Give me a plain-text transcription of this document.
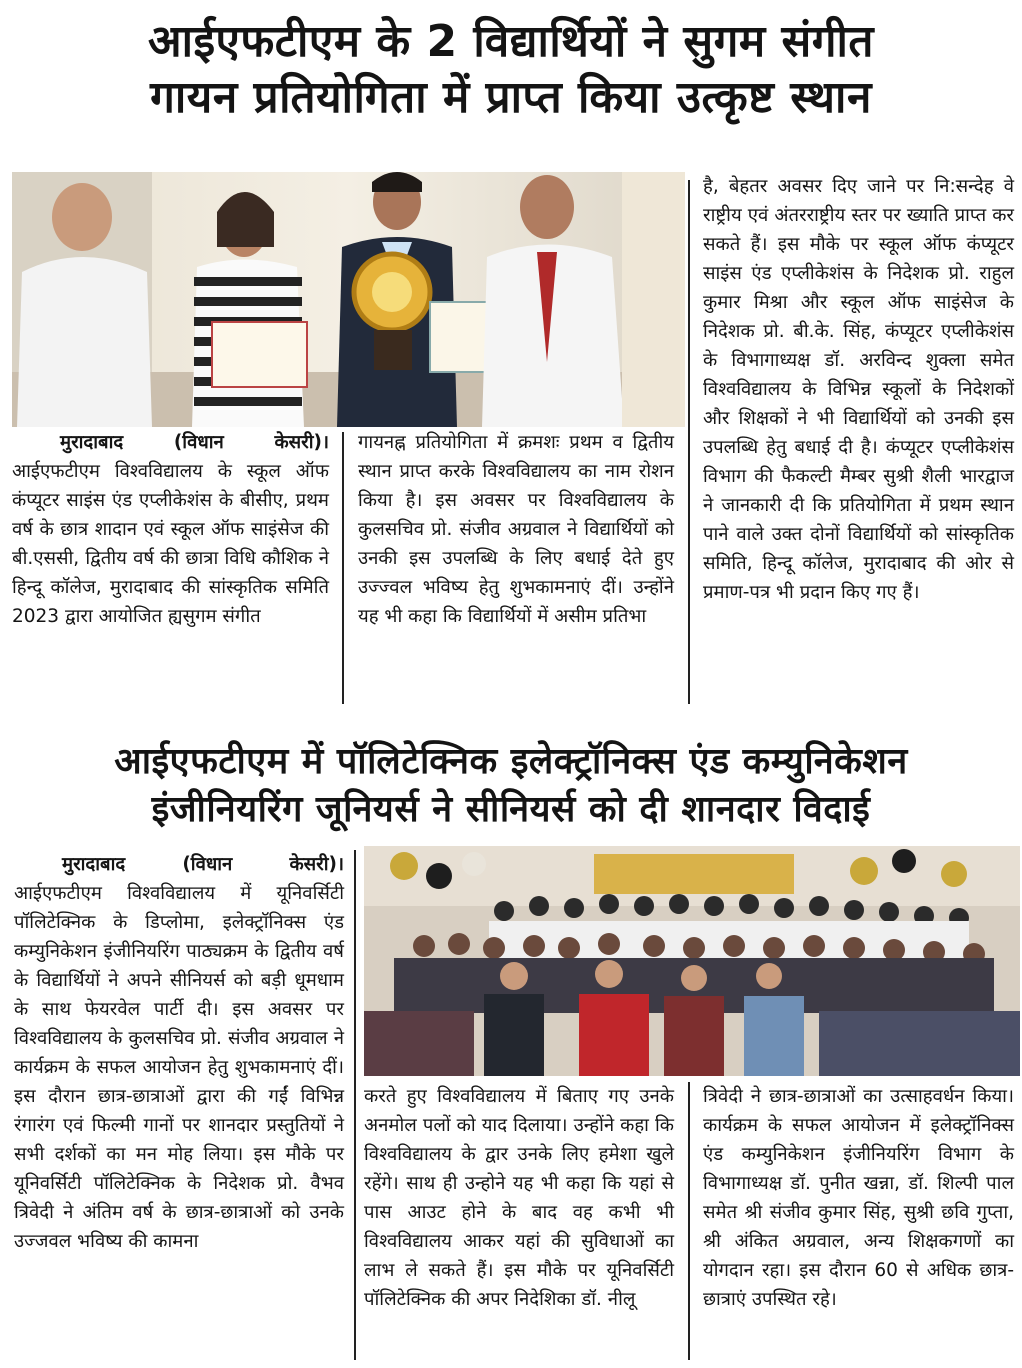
आईएफटीएम के 2 विद्यार्थियों ने सुगम संगीत
गायन प्रतियोगिता में प्राप्त किया उत्कृष्ट स्थान

मुरादाबाद (विधान केसरी)। आईएफटीएम विश्वविद्यालय के स्कूल ऑफ कंप्यूटर साइंस एंड एप्लीकेशंस के बीसीए, प्रथम वर्ष के छात्र शादान एवं स्कूल ऑफ साइंसेज की बी.एससी, द्वितीय वर्ष की छात्रा विधि कौशिक ने हिन्दू कॉलेज, मुरादाबाद की सांस्कृतिक समिति 2023 द्वारा आयोजित ह्यसुगम संगीत

गायनह्न प्रतियोगिता में क्रमशः प्रथम व द्वितीय स्थान प्राप्त करके विश्वविद्यालय का नाम रोशन किया है। इस अवसर पर विश्वविद्यालय के कुलसचिव प्रो. संजीव अग्रवाल ने विद्यार्थियों को उनकी इस उपलब्धि के लिए बधाई देते हुए उज्ज्वल भविष्य हेतु शुभकामनाएं दीं। उन्होंने यह भी कहा कि विद्यार्थियों में असीम प्रतिभा

है, बेहतर अवसर दिए जाने पर नि:सन्देह वे राष्ट्रीय एवं अंतरराष्ट्रीय स्तर पर ख्याति प्राप्त कर सकते हैं। इस मौके पर स्कूल ऑफ कंप्यूटर साइंस एंड एप्लीकेशंस के निदेशक प्रो. राहुल कुमार मिश्रा और स्कूल ऑफ साइंसेज के निदेशक प्रो. बी.के. सिंह, कंप्यूटर एप्लीकेशंस के विभागाध्यक्ष डॉ. अरविन्द शुक्ला समेत विश्वविद्यालय के विभिन्न स्कूलों के निदेशकों और शिक्षकों ने भी विद्यार्थियों को उनकी इस उपलब्धि हेतु बधाई दी है। कंप्यूटर एप्लीकेशंस विभाग की फैकल्टी मैम्बर सुश्री शैली भारद्वाज ने जानकारी दी कि प्रतियोगिता में प्रथम स्थान पाने वाले उक्त दोनों विद्यार्थियों को सांस्कृतिक समिति, हिन्दू कॉलेज, मुरादाबाद की ओर से प्रमाण-पत्र भी प्रदान किए गए हैं।

आईएफटीएम में पॉलिटेक्निक इलेक्ट्रॉनिक्स एंड कम्युनिकेशन
इंजीनियरिंग जूनियर्स ने सीनियर्स को दी शानदार विदाई

मुरादाबाद (विधान केसरी)। आईएफटीएम विश्वविद्यालय में यूनिवर्सिटी पॉलिटेक्निक के डिप्लोमा, इलेक्ट्रॉनिक्स एंड कम्युनिकेशन इंजीनियरिंग पाठ्यक्रम के द्वितीय वर्ष के विद्यार्थियों ने अपने सीनियर्स को बड़ी धूमधाम के साथ फेयरवेल पार्टी दी। इस अवसर पर विश्वविद्यालय के कुलसचिव प्रो. संजीव अग्रवाल ने कार्यक्रम के सफल आयोजन हेतु शुभकामनाएं दीं। इस दौरान छात्र-छात्राओं द्वारा की गईं विभिन्न रंगारंग एवं फिल्मी गानों पर शानदार प्रस्तुतियों ने सभी दर्शकों का मन मोह लिया। इस मौके पर यूनिवर्सिटी पॉलिटेक्निक के निदेशक प्रो. वैभव त्रिवेदी ने अंतिम वर्ष के छात्र-छात्राओं को उनके उज्जवल भविष्य की कामना

करते हुए विश्वविद्यालय में बिताए गए उनके अनमोल पलों को याद दिलाया। उन्होंने कहा कि विश्वविद्यालय के द्वार उनके लिए हमेशा खुले रहेंगे। साथ ही उन्होने यह भी कहा कि यहां से पास आउट होने के बाद वह कभी भी विश्वविद्यालय आकर यहां की सुविधाओं का लाभ ले सकते हैं। इस मौके पर यूनिवर्सिटी पॉलिटेक्निक की अपर निदेशिका डॉ. नीलू

त्रिवेदी ने छात्र-छात्राओं का उत्साहवर्धन किया। कार्यक्रम के सफल आयोजन में इलेक्ट्रॉनिक्स एंड कम्युनिकेशन इंजीनियरिंग विभाग के विभागाध्यक्ष डॉ. पुनीत खन्ना, डॉ. शिल्पी पाल समेत श्री संजीव कुमार सिंह, सुश्री छवि गुप्ता, श्री अंकित अग्रवाल, अन्य शिक्षकगणों का योगदान रहा। इस दौरान 60 से अधिक छात्र-छात्राएं उपस्थित रहे।
